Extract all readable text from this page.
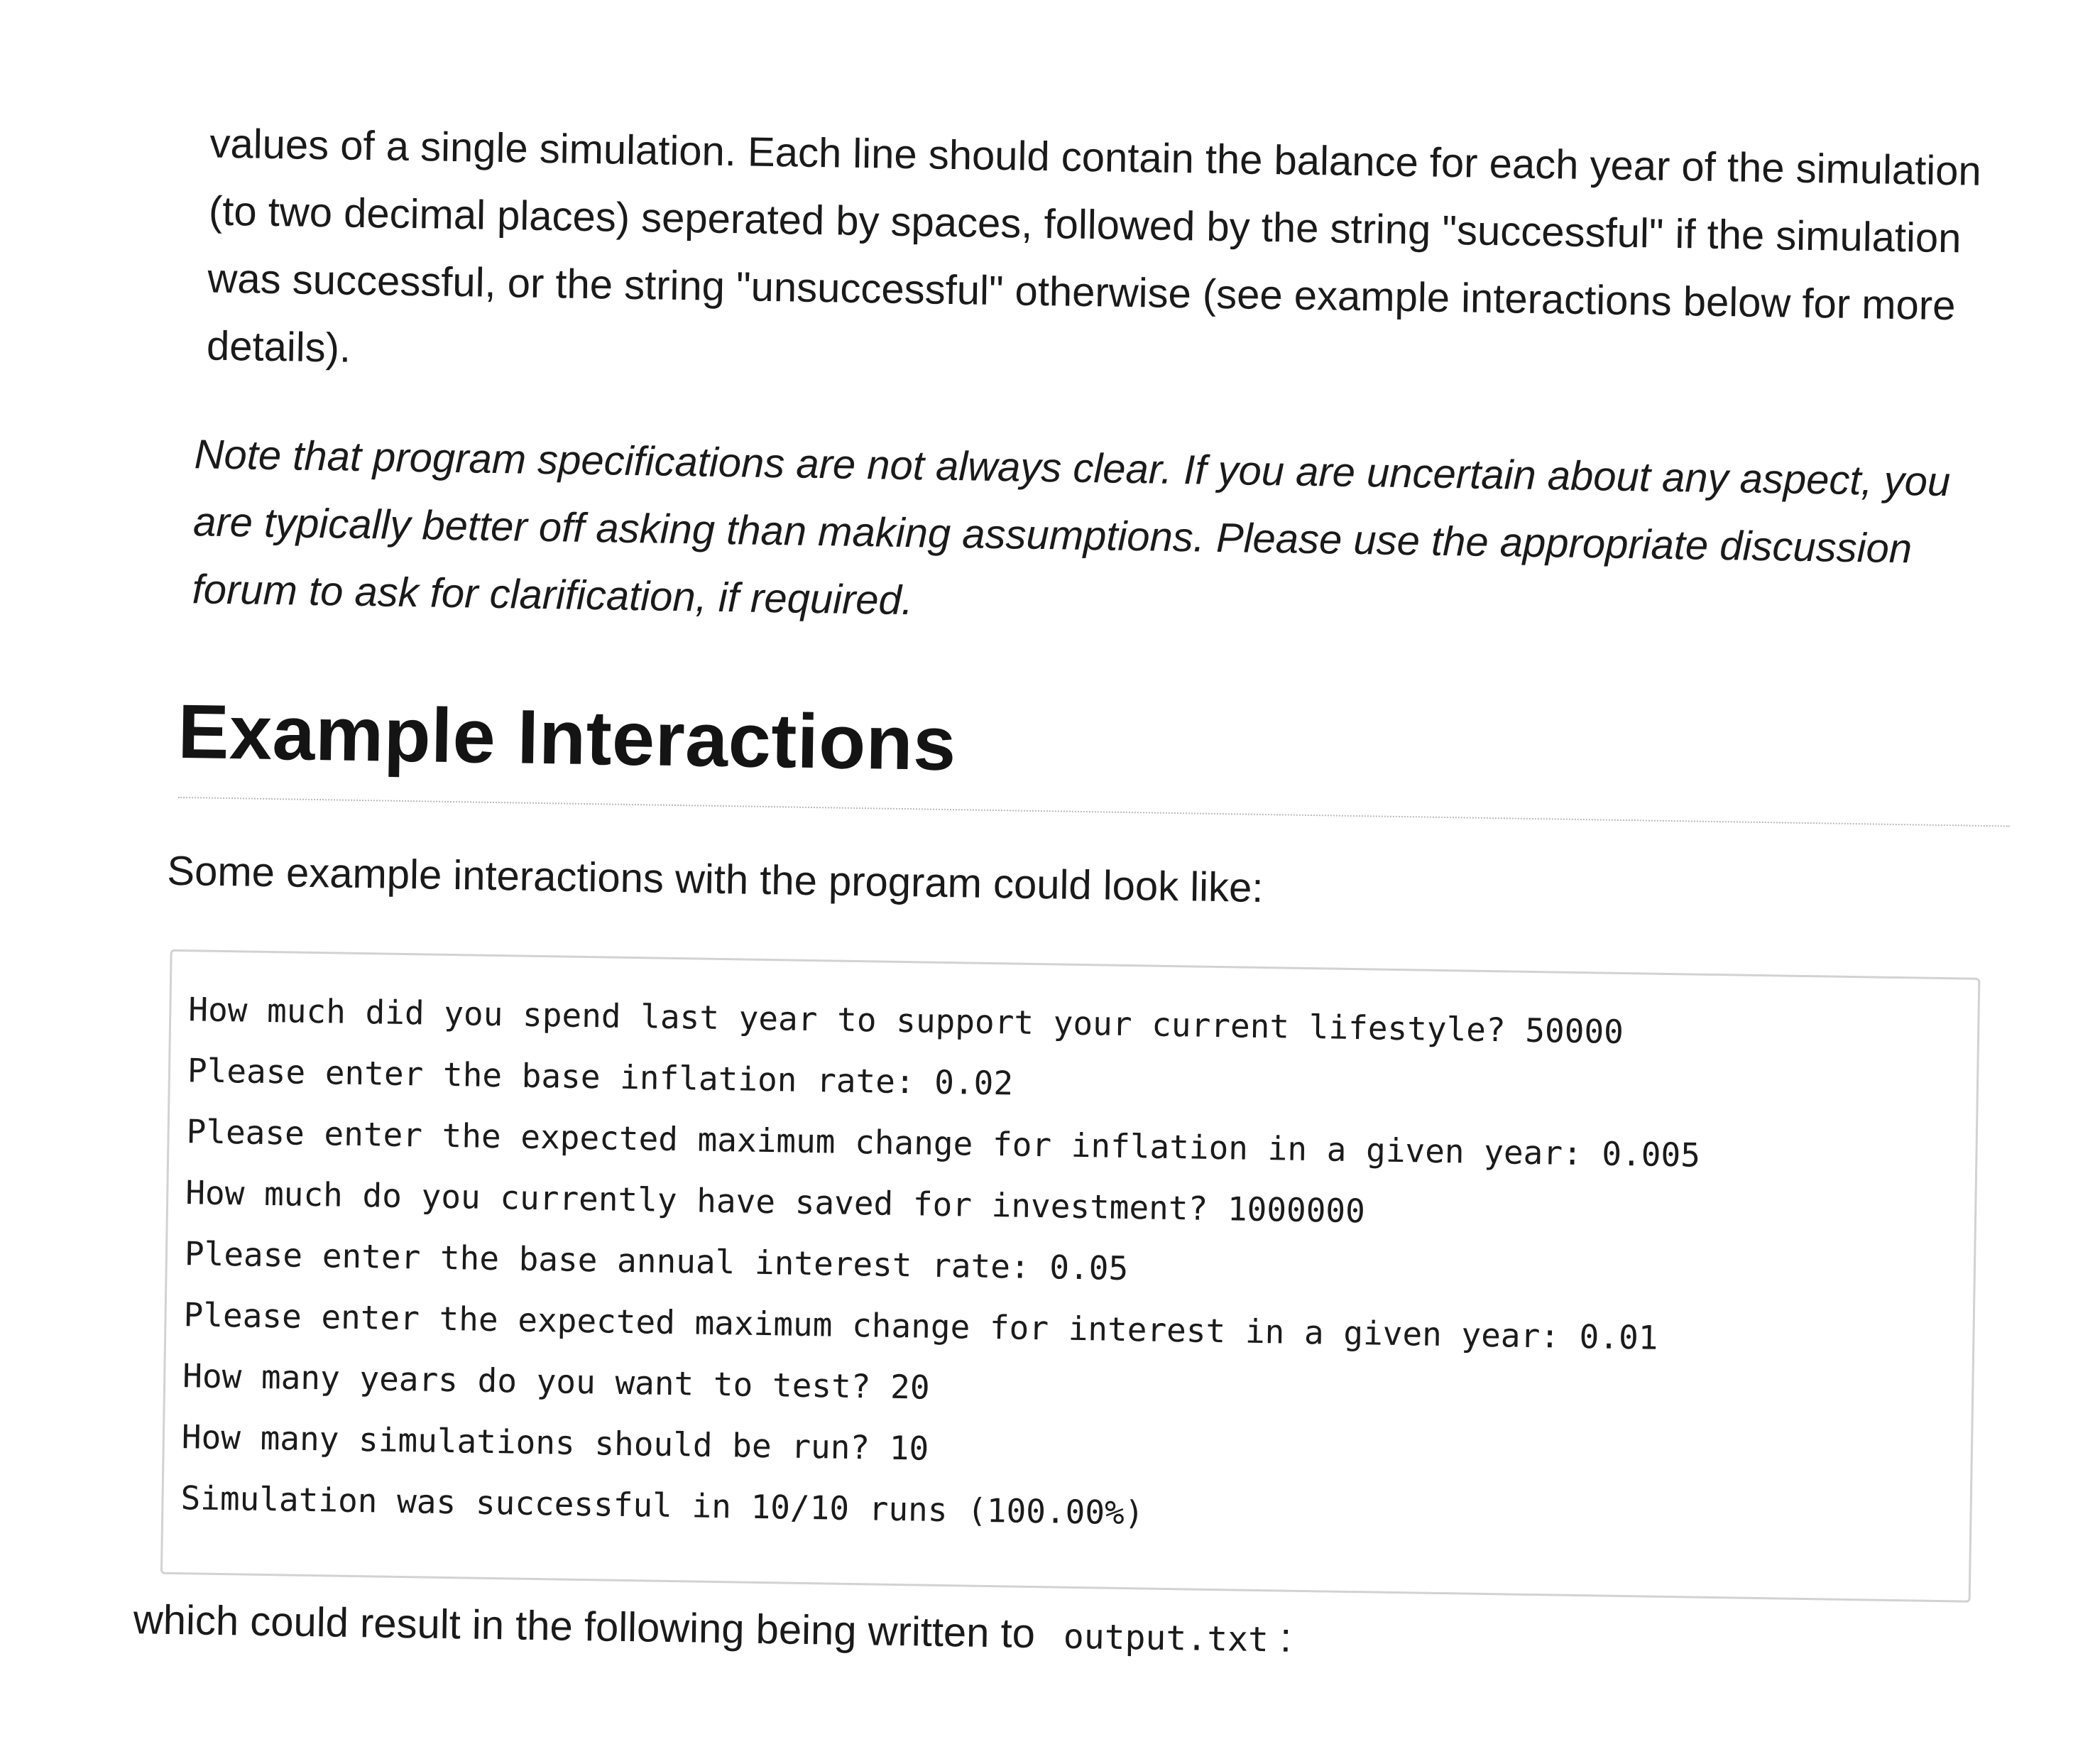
values of a single simulation. Each line should contain the balance for each year of the simulation (to two decimal places) seperated by spaces, followed by the string "successful" if the simulation was successful, or the string "unsuccessful" otherwise (see example interactions below for more details).

Note that program specifications are not always clear. If you are uncertain about any aspect, you are typically better off asking than making assumptions. Please use the appropriate discussion forum to ask for clarification, if required.

Example Interactions

Some example interactions with the program could look like:

How much did you spend last year to support your current lifestyle? 50000
Please enter the base inflation rate: 0.02
Please enter the expected maximum change for inflation in a given year: 0.005
How much do you currently have saved for investment? 1000000
Please enter the base annual interest rate: 0.05
Please enter the expected maximum change for interest in a given year: 0.01
How many years do you want to test? 20
How many simulations should be run? 10
Simulation was successful in 10/10 runs (100.00%)

which could result in the following being written to output.txt :
